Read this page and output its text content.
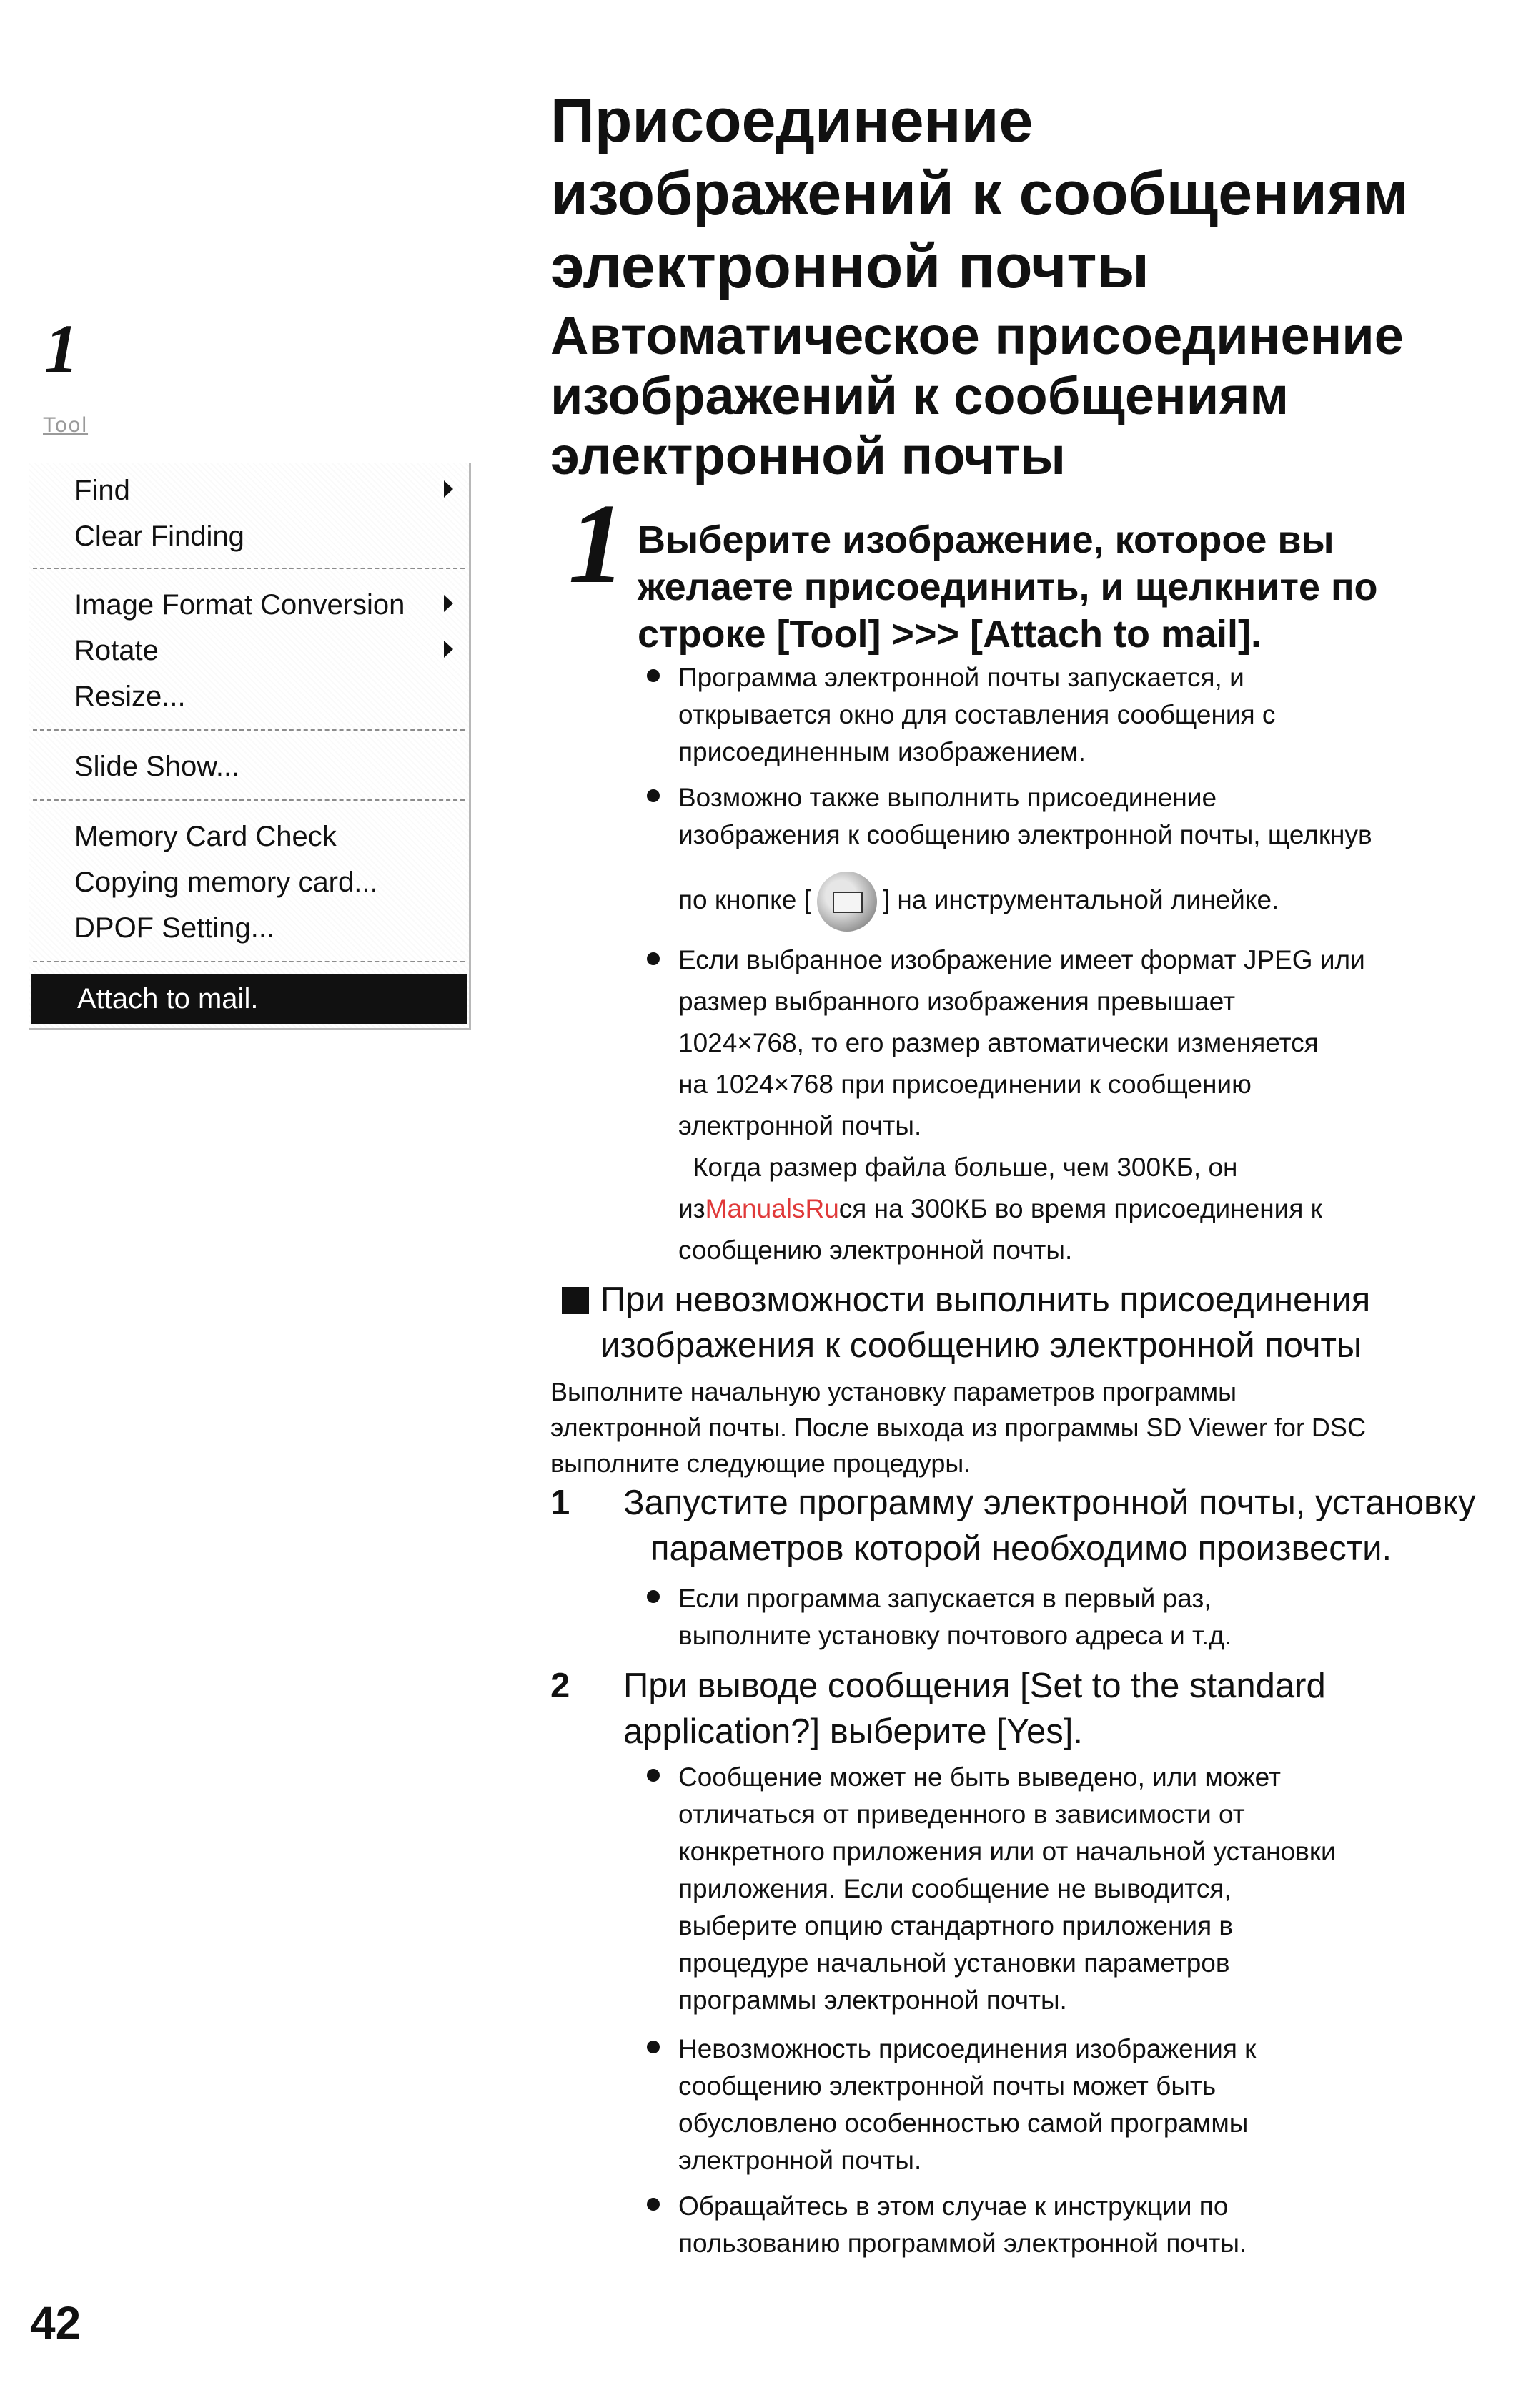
1
Tool
Find
Clear Finding
Image Format Conversion
Rotate
Resize...
Slide Show...
Memory Card Check
Copying memory card...
DPOF Setting...
Attach to mail.
Присоединение
изображений к сообщениям
электронной почты
Автоматическое присоединение
изображений к сообщениям
электронной почты
1 Выберите изображение, которое вы
желаете присоединить, и щелкните по
строке [Tool] >>> [Attach to mail].
Программа электронной почты запускается, и
открывается окно для составления сообщения с
присоединенным изображением.
Возможно также выполнить присоединение
изображения к сообщению электронной почты, щелкнув
по кнопке [	] на инструментальной линейке.
Если выбранное изображение имеет формат JPEG или
размер выбранного изображения превышает
1024×768, то его размер автоматически изменяется
на 1024×768 при присоединении к сообщению
электронной почты.
Когда размер файла больше, чем 300КБ, он
изManualsRuся на 300КБ во время присоединения к
сообщению электронной почты.
При невозможности выполнить присоединения
изображения к сообщению электронной почты
Выполните начальную установку параметров программы
электронной почты. После выхода из программы SD Viewer for DSC
выполните следующие процедуры.
1 Запустите программу электронной почты, установку
параметров которой необходимо произвести.
Если программа запускается в первый раз,
выполните установку почтового адреса и т.д.
2 При выводе сообщения [Set to the standard
application?] выберите [Yes].
Сообщение может не быть выведено, или может
отличаться от приведенного в зависимости от
конкретного приложения или от начальной установки
приложения. Если сообщение не выводится,
выберите опцию стандартного приложения в
процедуре начальной установки параметров
программы электронной почты.
Невозможность присоединения изображения к
сообщению электронной почты может быть
обусловлено особенностью самой программы
электронной почты.
Обращайтесь в этом случае к инструкции по
пользованию программой электронной почты.
42
